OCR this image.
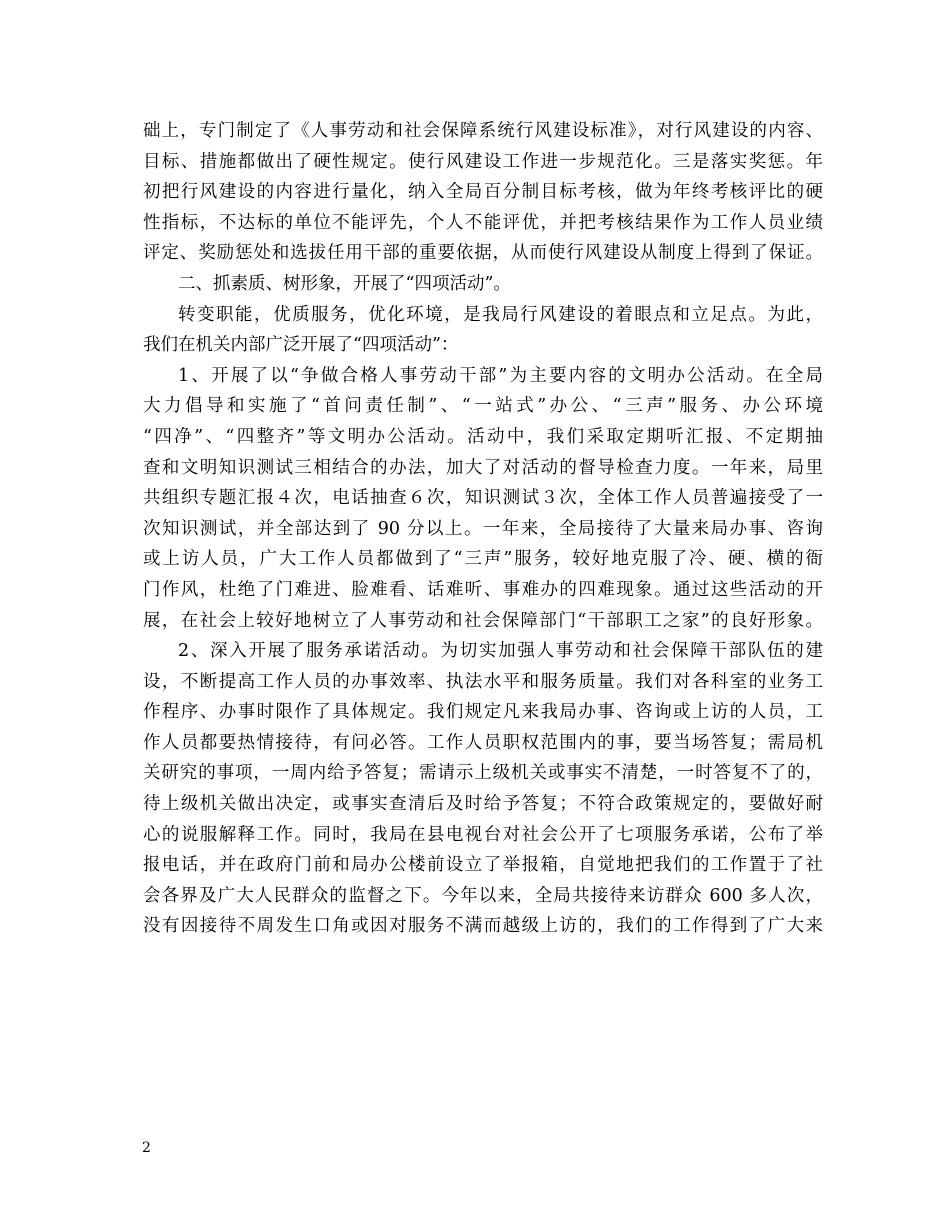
础上，专门制定了《人事劳动和社会保障系统行风建设标准》，对行风建设的内容、
目标、措施都做出了硬性规定。使行风建设工作进一步规范化。三是落实奖惩。年
初把行风建设的内容进行量化，纳入全局百分制目标考核，做为年终考核评比的硬
性指标，不达标的单位不能评先，个人不能评优，并把考核结果作为工作人员业绩
评定、奖励惩处和选拔任用干部的重要依据，从而使行风建设从制度上得到了保证。
二、抓素质、树形象，开展了“四项活动”。
转变职能，优质服务，优化环境，是我局行风建设的着眼点和立足点。为此，
我们在机关内部广泛开展了“四项活动”：
1、开展了以“争做合格人事劳动干部”为主要内容的文明办公活动。在全局
大力倡导和实施了“首问责任制”、“一站式”办公、“三声”服务、办公环境
“四净”、“四整齐”等文明办公活动。活动中，我们采取定期听汇报、不定期抽
查和文明知识测试三相结合的办法，加大了对活动的督导检查力度。一年来，局里
共组织专题汇报４次，电话抽查６次，知识测试３次，全体工作人员普遍接受了一
次知识测试，并全部达到了 90 分以上。一年来，全局接待了大量来局办事、咨询
或上访人员，广大工作人员都做到了“三声”服务，较好地克服了冷、硬、横的衙
门作风，杜绝了门难进、脸难看、话难听、事难办的四难现象。通过这些活动的开
展，在社会上较好地树立了人事劳动和社会保障部门“干部职工之家”的良好形象。
2、深入开展了服务承诺活动。为切实加强人事劳动和社会保障干部队伍的建
设，不断提高工作人员的办事效率、执法水平和服务质量。我们对各科室的业务工
作程序、办事时限作了具体规定。我们规定凡来我局办事、咨询或上访的人员，工
作人员都要热情接待，有问必答。工作人员职权范围内的事，要当场答复；需局机
关研究的事项，一周内给予答复；需请示上级机关或事实不清楚，一时答复不了的，
待上级机关做出决定，或事实查清后及时给予答复；不符合政策规定的，要做好耐
心的说服解释工作。同时，我局在县电视台对社会公开了七项服务承诺，公布了举
报电话，并在政府门前和局办公楼前设立了举报箱，自觉地把我们的工作置于了社
会各界及广大人民群众的监督之下。今年以来，全局共接待来访群众 600 多人次，
没有因接待不周发生口角或因对服务不满而越级上访的，我们的工作得到了广大来
2
